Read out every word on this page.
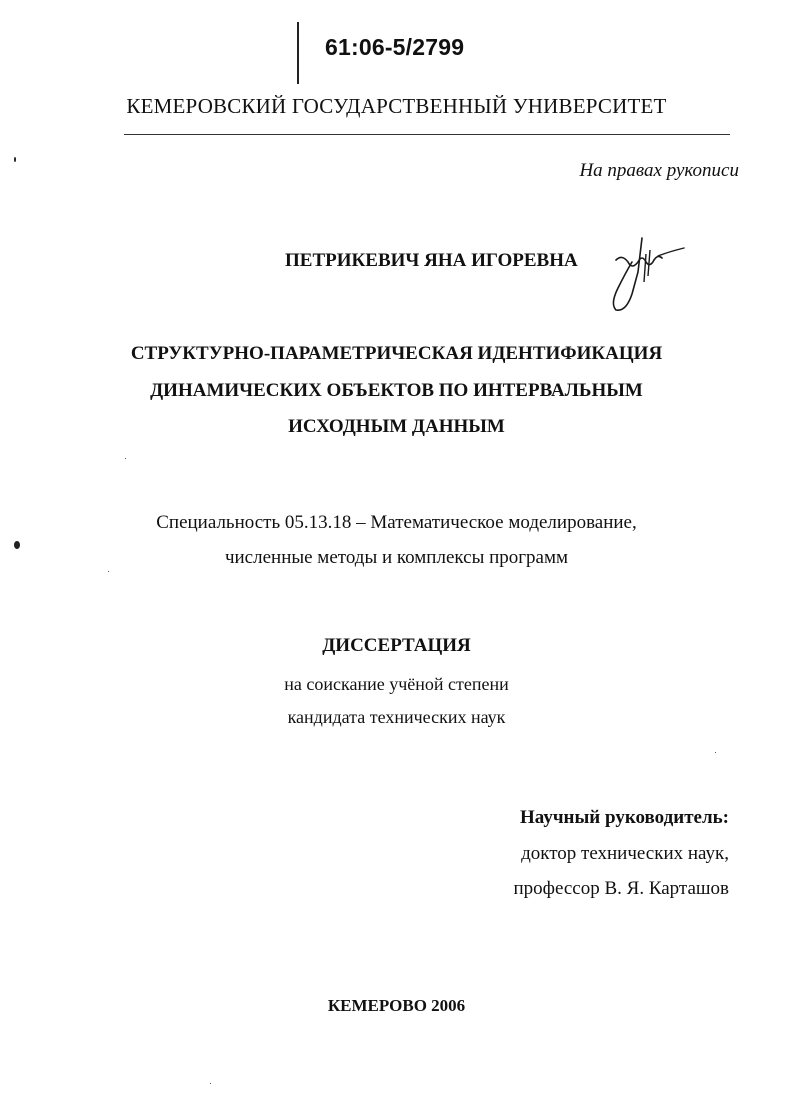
61:06-5/2799
КЕМЕРОВСКИЙ ГОСУДАРСТВЕННЫЙ УНИВЕРСИТЕТ
На правах рукописи
ПЕТРИКЕВИЧ ЯНА ИГОРЕВНА
СТРУКТУРНО-ПАРАМЕТРИЧЕСКАЯ ИДЕНТИФИКАЦИЯ
ДИНАМИЧЕСКИХ ОБЪЕКТОВ ПО ИНТЕРВАЛЬНЫМ
ИСХОДНЫМ ДАННЫМ
Специальность 05.13.18 – Математическое моделирование,
численные методы и комплексы программ
ДИССЕРТАЦИЯ
на соискание учёной степени
кандидата технических наук
Научный руководитель:
доктор технических наук,
профессор В. Я. Карташов
КЕМЕРОВО 2006
